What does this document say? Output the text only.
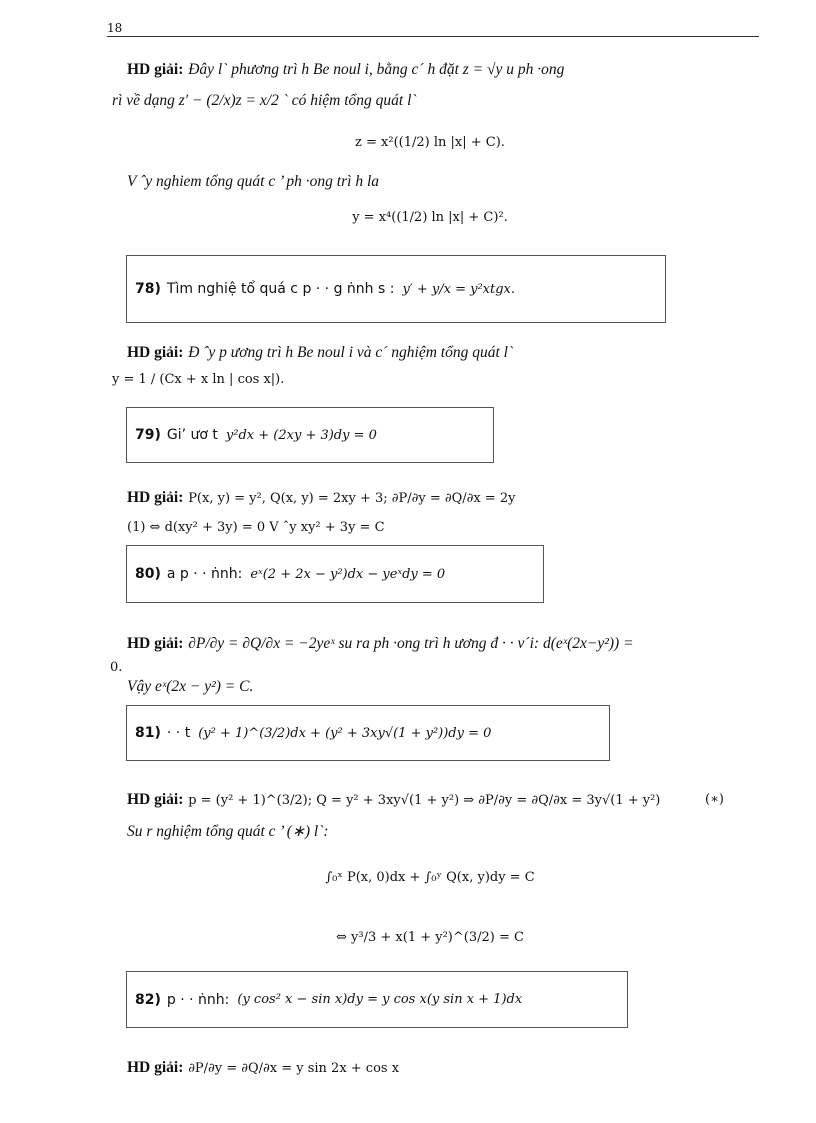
18
HD giải: Đây l` phương trì h Be noul i, bằng c´ h đặt z = √y u ph ·ong
rì về dạng z′ − (2/x)z = x/2 ` có hiệm tổng quát l`
z = x²((1/2) ln |x| + C).
V ˆy nghiem tổng quát c ’ ph ·ong trì h la
y = x⁴((1/2) ln |x| + C)².
78) Tìm nghiệ tổ quá c p · · g ṅnh s : y′ + y/x = y²xtgx.
HD giải: Đ ˆy p ương trì h Be noul i và c´ nghiệm tổng quát l`
y = 1 / (Cx + x ln | cos x|).
79) Gi’ ươ t y²dx + (2xy + 3)dy = 0
HD giải: P(x, y) = y², Q(x, y) = 2xy + 3; ∂P/∂y = ∂Q/∂x = 2y
(1) ⇔ d(xy² + 3y) = 0 V ˆy xy² + 3y = C
80) a p · · ṅnh: eˣ(2 + 2x − y²)dx − yeˣdy = 0
HD giải: ∂P/∂y = ∂Q/∂x = −2yeˣ su ra ph ·ong trì h ương đ · · v´i: d(eˣ(2x−y²)) =
0.
Vậy eˣ(2x − y²) = C.
81) · · t (y² + 1)^(3/2)dx + (y² + 3xy√(1 + y²))dy = 0
HD giải: p = (y² + 1)^(3/2); Q = y² + 3xy√(1 + y²) ⇒ ∂P/∂y = ∂Q/∂x = 3y√(1 + y²)	(∗)
Su r nghiệm tổng quát c ’ (∗) l`:
∫₀ˣ P(x, 0)dx + ∫₀ʸ Q(x, y)dy = C
⇔ y³/3 + x(1 + y²)^(3/2) = C
82) p · · ṅnh: (y cos² x − sin x)dy = y cos x(y sin x + 1)dx
HD giải: ∂P/∂y = ∂Q/∂x = y sin 2x + cos x
